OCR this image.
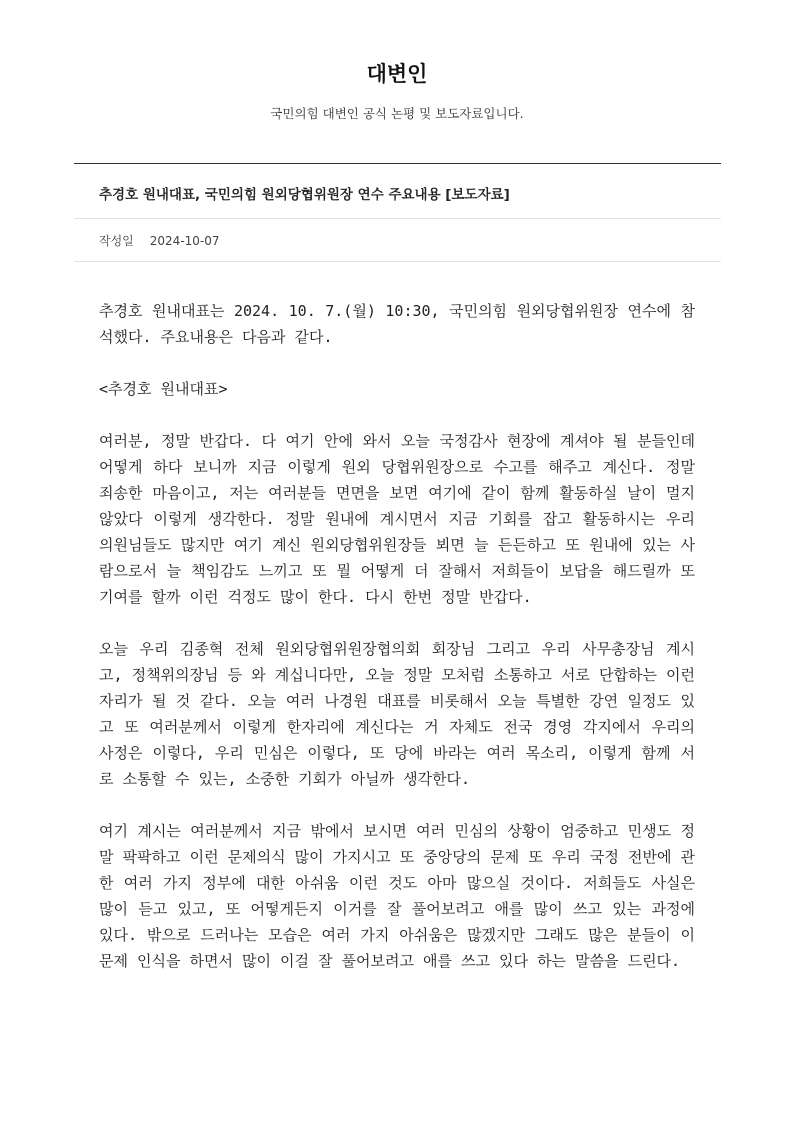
대변인
국민의힘 대변인 공식 논평 및 보도자료입니다.
추경호 원내대표, 국민의힘 원외당협위원장 연수 주요내용 [보도자료]
작성일 2024-10-07

추경호 원내대표는 2024. 10. 7.(월) 10:30, 국민의힘 원외당협위원장 연수에 참석했다. 주요내용은 다음과 같다.

<추경호 원내대표>

여러분, 정말 반갑다. 다 여기 안에 와서 오늘 국정감사 현장에 계셔야 될 분들인데 어떻게 하다 보니까 지금 이렇게 원외 당협위원장으로 수고를 해주고 계신다. 정말 죄송한 마음이고, 저는 여러분들 면면을 보면 여기에 같이 함께 활동하실 날이 멀지 않았다 이렇게 생각한다. 정말 원내에 계시면서 지금 기회를 잡고 활동하시는 우리 의원님들도 많지만 여기 계신 원외당협위원장들 뵈면 늘 든든하고 또 원내에 있는 사람으로서 늘 책임감도 느끼고 또 뭘 어떻게 더 잘해서 저희들이 보답을 해드릴까 또 기여를 할까 이런 걱정도 많이 한다. 다시 한번 정말 반갑다.

오늘 우리 김종혁 전체 원외당협위원장협의회 회장님 그리고 우리 사무총장님 계시고, 정책위의장님 등 와 계십니다만, 오늘 정말 모처럼 소통하고 서로 단합하는 이런 자리가 될 것 같다. 오늘 여러 나경원 대표를 비롯해서 오늘 특별한 강연 일정도 있고 또 여러분께서 이렇게 한자리에 계신다는 거 자체도 전국 경영 각지에서 우리의 사정은 이렇다, 우리 민심은 이렇다, 또 당에 바라는 여러 목소리, 이렇게 함께 서로 소통할 수 있는, 소중한 기회가 아닐까 생각한다.

여기 계시는 여러분께서 지금 밖에서 보시면 여러 민심의 상황이 엄중하고 민생도 정말 팍팍하고 이런 문제의식 많이 가지시고 또 중앙당의 문제 또 우리 국정 전반에 관한 여러 가지 정부에 대한 아쉬움 이런 것도 아마 많으실 것이다. 저희들도 사실은 많이 듣고 있고, 또 어떻게든지 이거를 잘 풀어보려고 애를 많이 쓰고 있는 과정에 있다. 밖으로 드러나는 모습은 여러 가지 아쉬움은 많겠지만 그래도 많은 분들이 이 문제 인식을 하면서 많이 이걸 잘 풀어보려고 애를 쓰고 있다 하는 말씀을 드린다.
